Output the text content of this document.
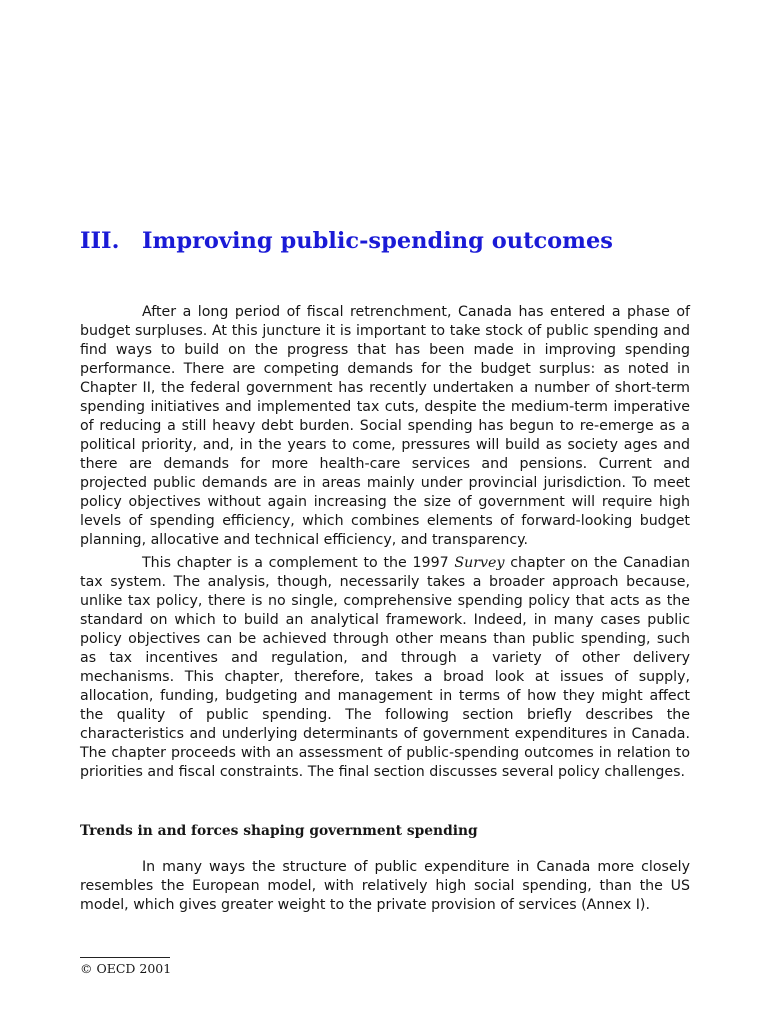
III. Improving public-spending outcomes

After a long period of fiscal retrenchment, Canada has entered a phase of budget surpluses. At this juncture it is important to take stock of public spending and find ways to build on the progress that has been made in improving spending performance. There are competing demands for the budget surplus: as noted in Chapter II, the federal government has recently undertaken a number of short-term spending initiatives and implemented tax cuts, despite the medium-term imperative of reducing a still heavy debt burden. Social spending has begun to re-emerge as a political priority, and, in the years to come, pressures will build as society ages and there are demands for more health-care services and pensions. Current and projected public demands are in areas mainly under provincial jurisdiction. To meet policy objectives without again increasing the size of government will require high levels of spending efficiency, which combines elements of forward-looking budget planning, allocative and technical efficiency, and transparency.

This chapter is a complement to the 1997 Survey chapter on the Canadian tax system. The analysis, though, necessarily takes a broader approach because, unlike tax policy, there is no single, comprehensive spending policy that acts as the standard on which to build an analytical framework. Indeed, in many cases public policy objectives can be achieved through other means than public spending, such as tax incentives and regulation, and through a variety of other delivery mechanisms. This chapter, therefore, takes a broad look at issues of supply, allocation, funding, budgeting and management in terms of how they might affect the quality of public spending. The following section briefly describes the characteristics and underlying determinants of government expenditures in Canada. The chapter proceeds with an assessment of public-spending outcomes in relation to priorities and fiscal constraints. The final section discusses several policy challenges.

Trends in and forces shaping government spending

In many ways the structure of public expenditure in Canada more closely resembles the European model, with relatively high social spending, than the US model, which gives greater weight to the private provision of services (Annex I).

© OECD 2001
